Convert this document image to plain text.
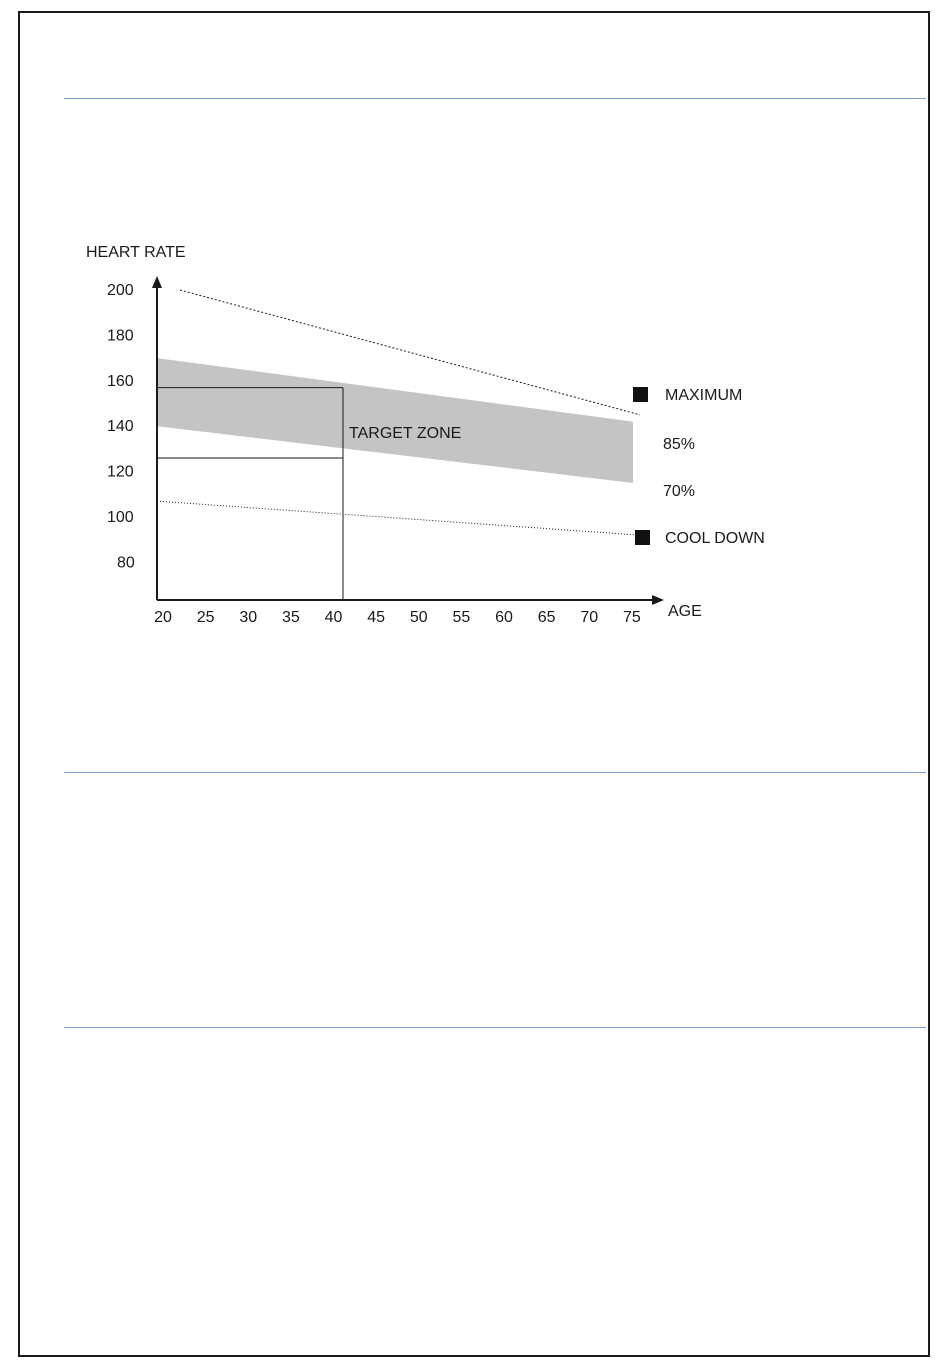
HEART RATE
AGE
80
100
120
140
160
180
200
20 25 30 35 40 45 50 55 60 65 70 75
TARGET ZONE
MAXIMUM
85%
70%
COOL DOWN
